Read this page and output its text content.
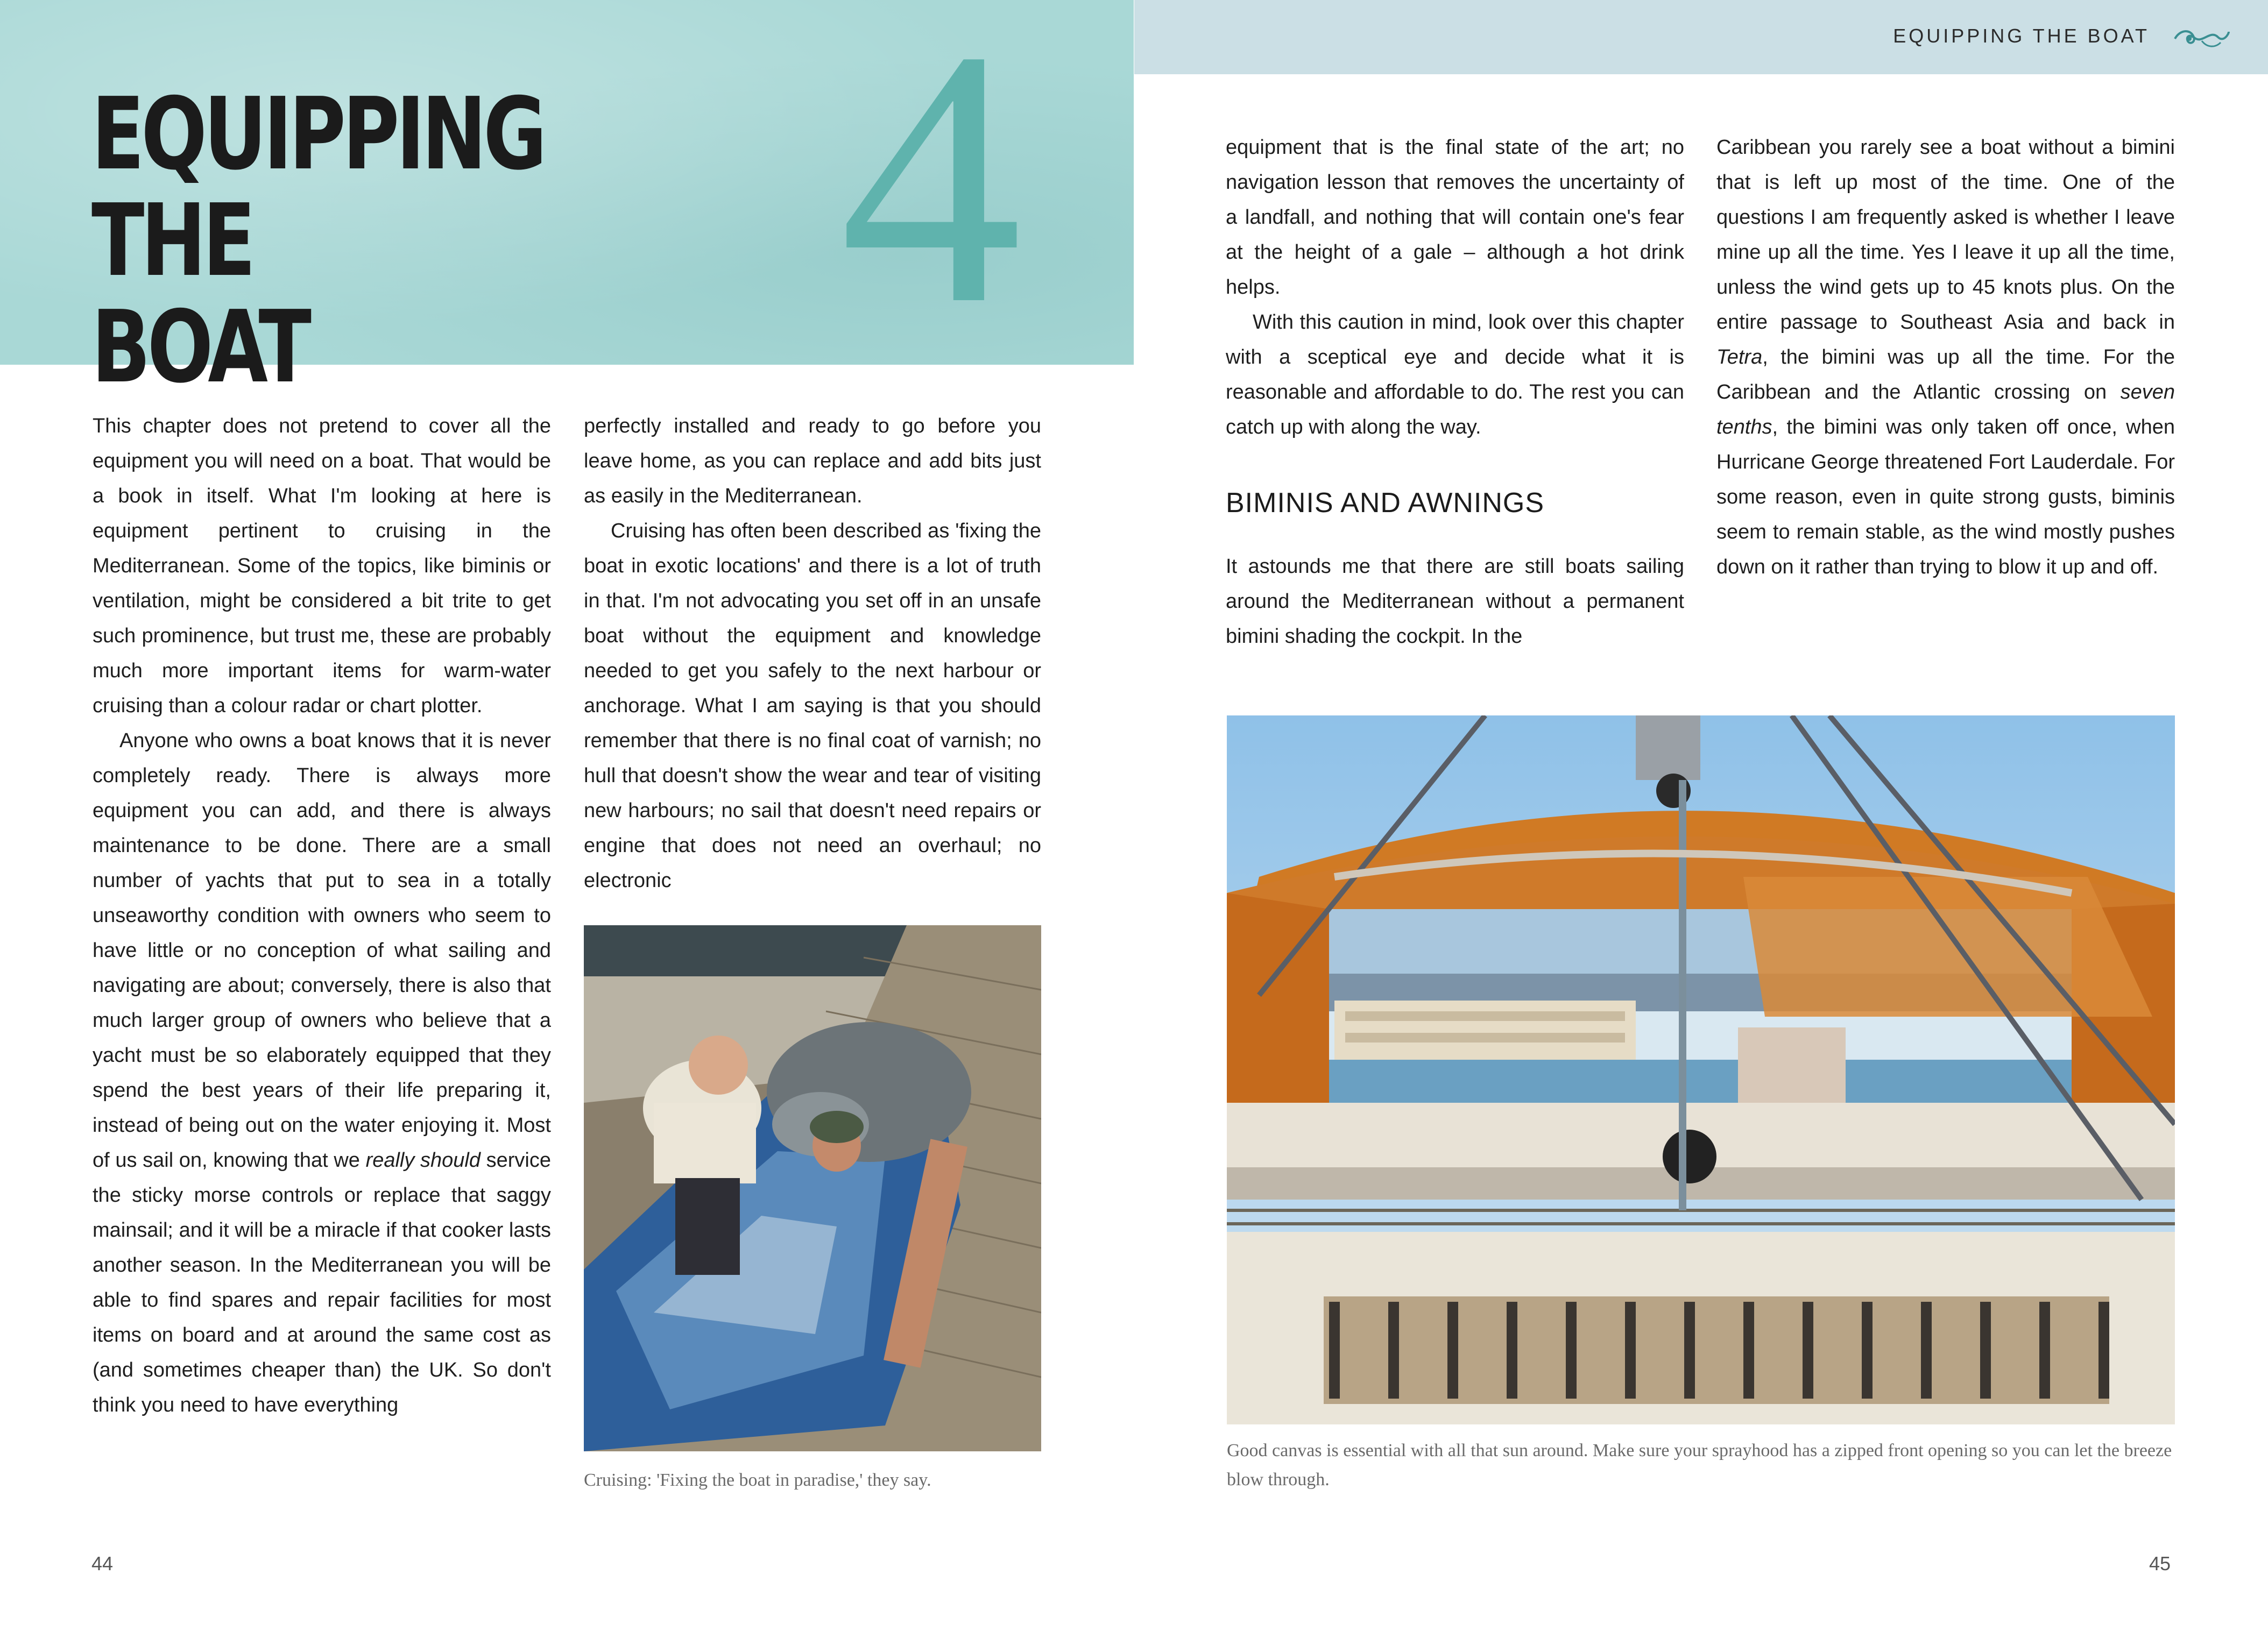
EQUIPPING THE
BOAT	4

This chapter does not pretend to cover all the equipment you will need on a boat. That would be a book in itself. What I'm looking at here is equipment pertinent to cruising in the Mediterranean. Some of the topics, like biminis or ventilation, might be considered a bit trite to get such prominence, but trust me, these are probably much more important items for warm-water cruising than a colour radar or chart plotter.

Anyone who owns a boat knows that it is never completely ready. There is always more equipment you can add, and there is always maintenance to be done. There are a small number of yachts that put to sea in a totally unseaworthy condition with owners who seem to have little or no conception of what sailing and navigating are about; conversely, there is also that much larger group of owners who believe that a yacht must be so elaborately equipped that they spend the best years of their life preparing it, instead of being out on the water enjoying it. Most of us sail on, knowing that we really should service the sticky morse controls or replace that saggy mainsail; and it will be a miracle if that cooker lasts another season. In the Mediterranean you will be able to find spares and repair facilities for most items on board and at around the same cost as (and sometimes cheaper than) the UK. So don't think you need to have everything

perfectly installed and ready to go before you leave home, as you can replace and add bits just as easily in the Mediterranean.

Cruising has often been described as 'fixing the boat in exotic locations' and there is a lot of truth in that. I'm not advocating you set off in an unsafe boat without the equipment and knowledge needed to get you safely to the next harbour or anchorage. What I am saying is that you should remember that there is no final coat of varnish; no hull that doesn't show the wear and tear of visiting new harbours; no sail that doesn't need repairs or engine that does not need an overhaul; no electronic

Cruising: 'Fixing the boat in paradise,' they say.
44
EQUIPPING THE BOAT

equipment that is the final state of the art; no navigation lesson that removes the uncertainty of a landfall, and nothing that will contain one's fear at the height of a gale – although a hot drink helps.

With this caution in mind, look over this chapter with a sceptical eye and decide what it is reasonable and affordable to do. The rest you can catch up with along the way.

BIMINIS AND AWNINGS

It astounds me that there are still boats sailing around the Mediterranean without a permanent bimini shading the cockpit. In the

Caribbean you rarely see a boat without a bimini that is left up most of the time. One of the questions I am frequently asked is whether I leave mine up all the time. Yes I leave it up all the time, unless the wind gets up to 45 knots plus. On the entire passage to Southeast Asia and back in Tetra, the bimini was up all the time. For the Caribbean and the Atlantic crossing on seven tenths, the bimini was only taken off once, when Hurricane George threatened Fort Lauderdale. For some reason, even in quite strong gusts, biminis seem to remain stable, as the wind mostly pushes down on it rather than trying to blow it up and off.

Good canvas is essential with all that sun around. Make sure your sprayhood has a zipped front opening so you can let the breeze blow through.
45
